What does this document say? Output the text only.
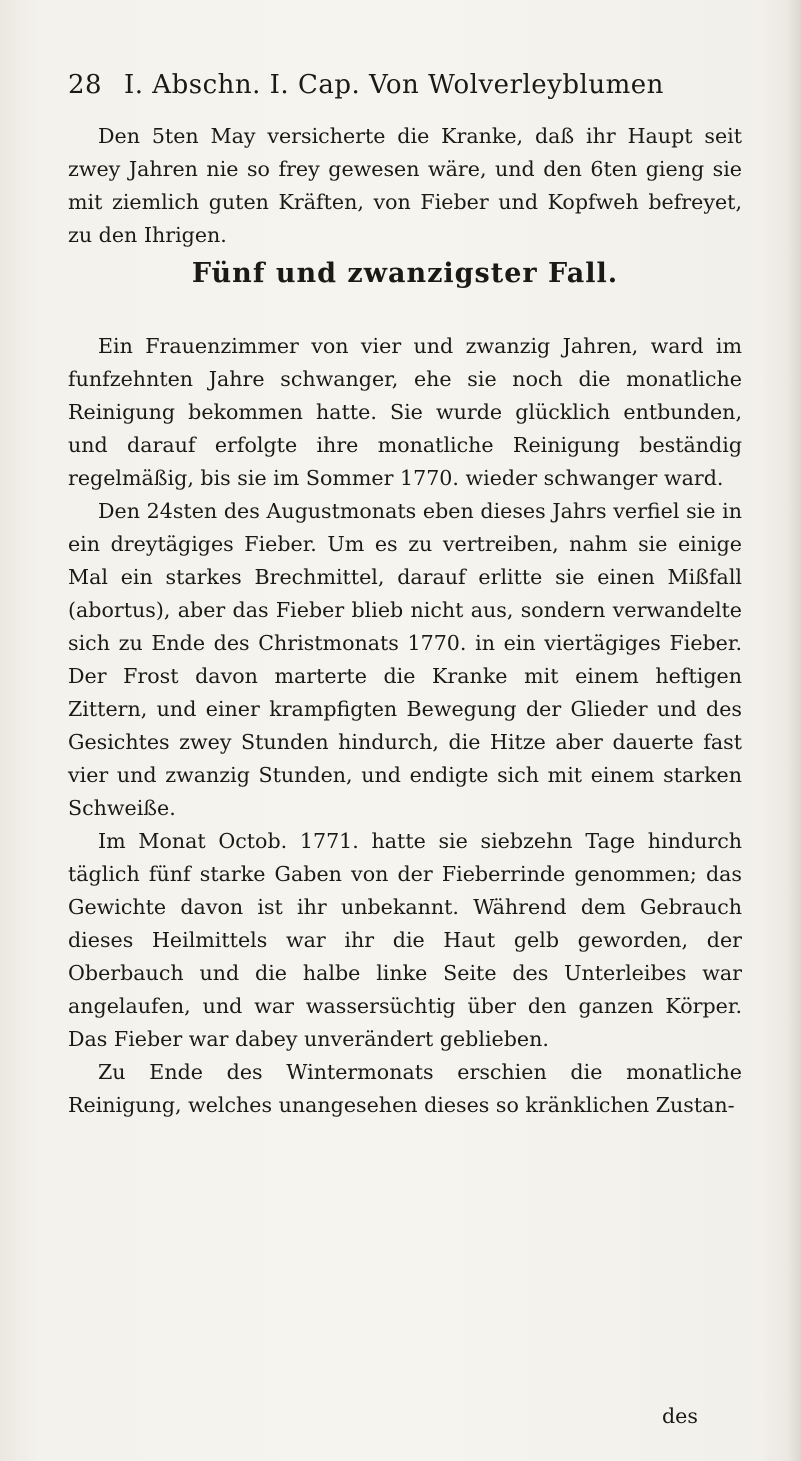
28 I. Abschn. I. Cap. Von Wolverleyblumen

Den 5ten May versicherte die Kranke, daß ihr Haupt seit zwey Jahren nie so frey gewesen wäre, und den 6ten gieng sie mit ziemlich guten Kräften, von Fieber und Kopfweh befreyet, zu den Ihrigen.

Fünf und zwanzigster Fall.

Ein Frauenzimmer von vier und zwanzig Jahren, ward im funfzehnten Jahre schwanger, ehe sie noch die monatliche Reinigung bekommen hatte. Sie wurde glücklich entbunden, und darauf erfolgte ihre monatliche Reinigung beständig regelmäßig, bis sie im Sommer 1770. wieder schwanger ward.

Den 24sten des Augustmonats eben dieses Jahrs verfiel sie in ein dreytägiges Fieber. Um es zu vertreiben, nahm sie einige Mal ein starkes Brechmittel, darauf erlitte sie einen Mißfall (abortus), aber das Fieber blieb nicht aus, sondern verwandelte sich zu Ende des Christmonats 1770. in ein viertägiges Fieber. Der Frost davon marterte die Kranke mit einem heftigen Zittern, und einer krampfigten Bewegung der Glieder und des Gesichtes zwey Stunden hindurch, die Hitze aber dauerte fast vier und zwanzig Stunden, und endigte sich mit einem starken Schweiße.

Im Monat Octob. 1771. hatte sie siebzehn Tage hindurch täglich fünf starke Gaben von der Fieberrinde genommen; das Gewichte davon ist ihr unbekannt. Während dem Gebrauch dieses Heilmittels war ihr die Haut gelb geworden, der Oberbauch und die halbe linke Seite des Unterleibes war angelaufen, und war wassersüchtig über den ganzen Körper. Das Fieber war dabey unverändert geblieben.

Zu Ende des Wintermonats erschien die monatliche Reinigung, welches unangesehen dieses so kränklichen Zustan-

des
